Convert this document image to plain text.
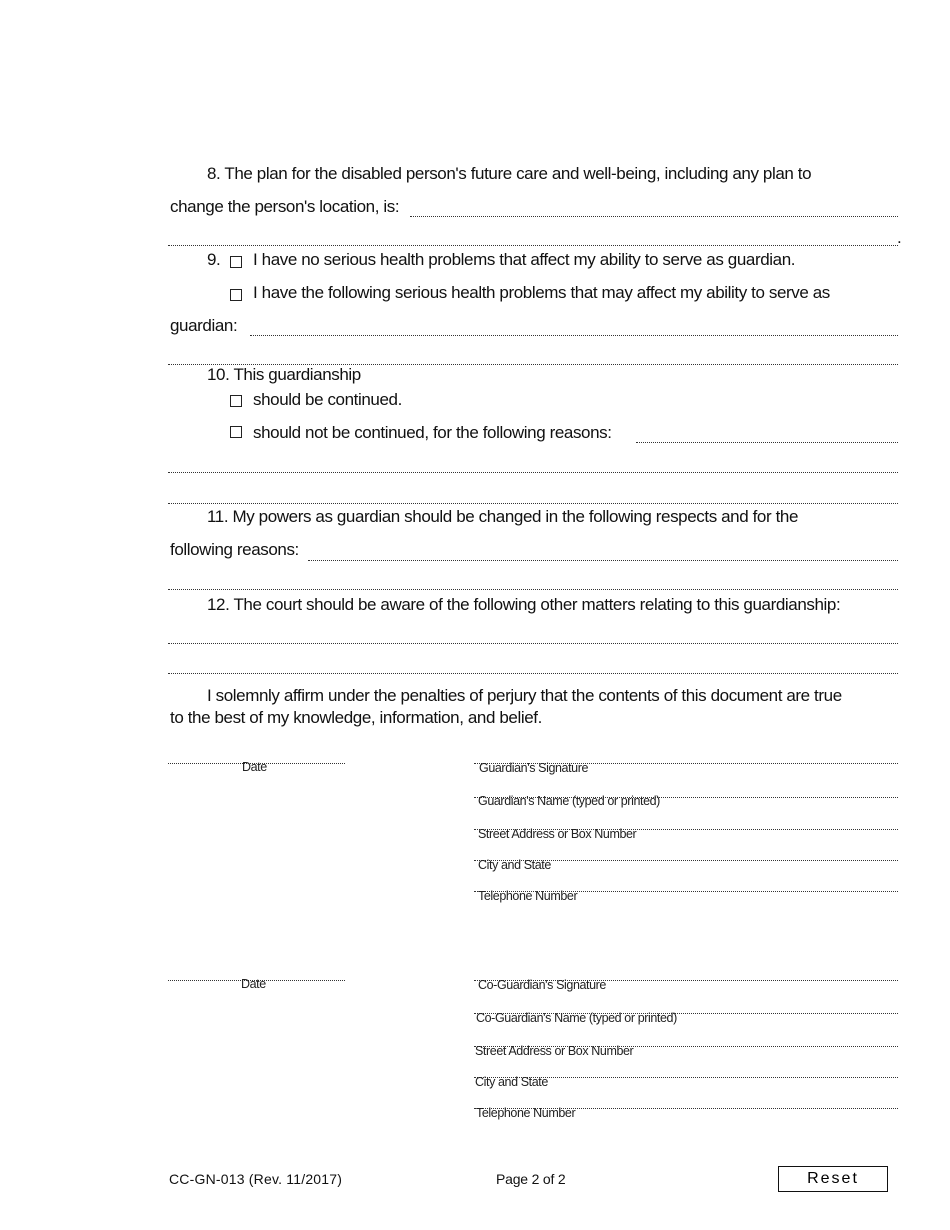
8. The plan for the disabled person's future care and well-being, including any plan to
change the person's location, is:
.
9. I have no serious health problems that affect my ability to serve as guardian.
I have the following serious health problems that may affect my ability to serve as
guardian:
10. This guardianship
should be continued.
should not be continued, for the following reasons:
11. My powers as guardian should be changed in the following respects and for the
following reasons:
12. The court should be aware of the following other matters relating to this guardianship:
I solemnly affirm under the penalties of perjury that the contents of this document are true
to the best of my knowledge, information, and belief.
Date	Guardian's Signature
Guardian's Name (typed or printed)
Street Address or Box Number
City and State
Telephone Number
Date	Co-Guardian's Signature
Co-Guardian's Name (typed or printed)
Street Address or Box Number
City and State
Telephone Number
CC-GN-013 (Rev. 11/2017)	Page 2 of 2	Reset
